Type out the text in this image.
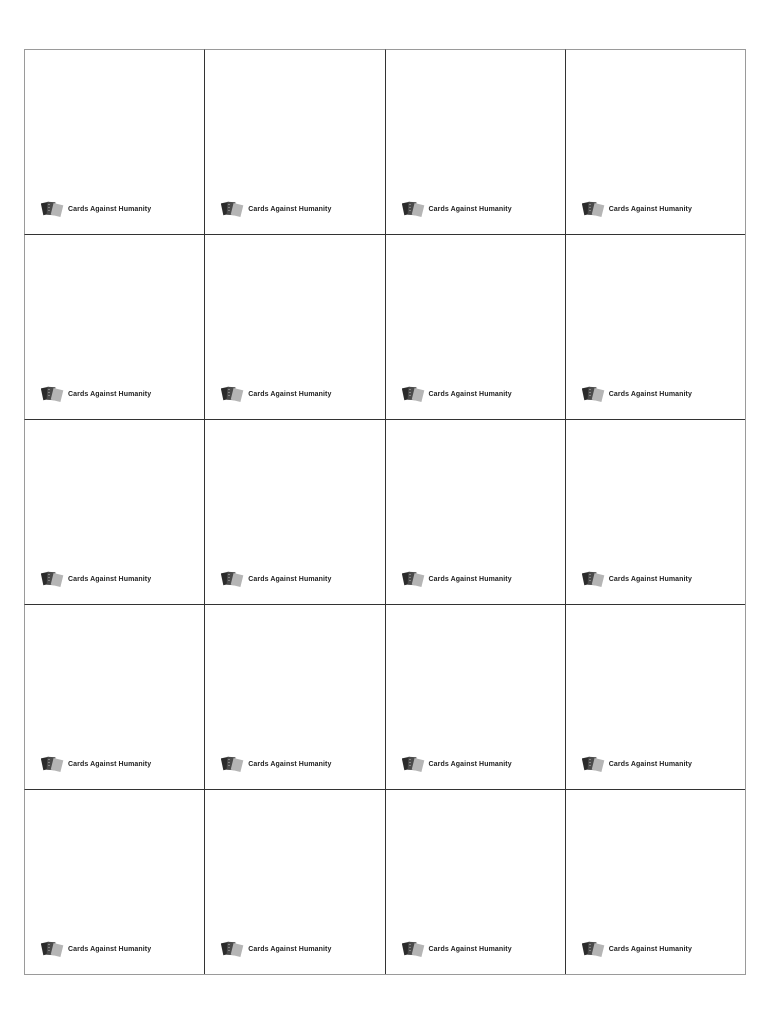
Cards Against Humanity	Cards Against Humanity	Cards Against Humanity	Cards Against Humanity
Cards Against Humanity	Cards Against Humanity	Cards Against Humanity	Cards Against Humanity
Cards Against Humanity	Cards Against Humanity	Cards Against Humanity	Cards Against Humanity
Cards Against Humanity	Cards Against Humanity	Cards Against Humanity	Cards Against Humanity
Cards Against Humanity	Cards Against Humanity	Cards Against Humanity	Cards Against Humanity
